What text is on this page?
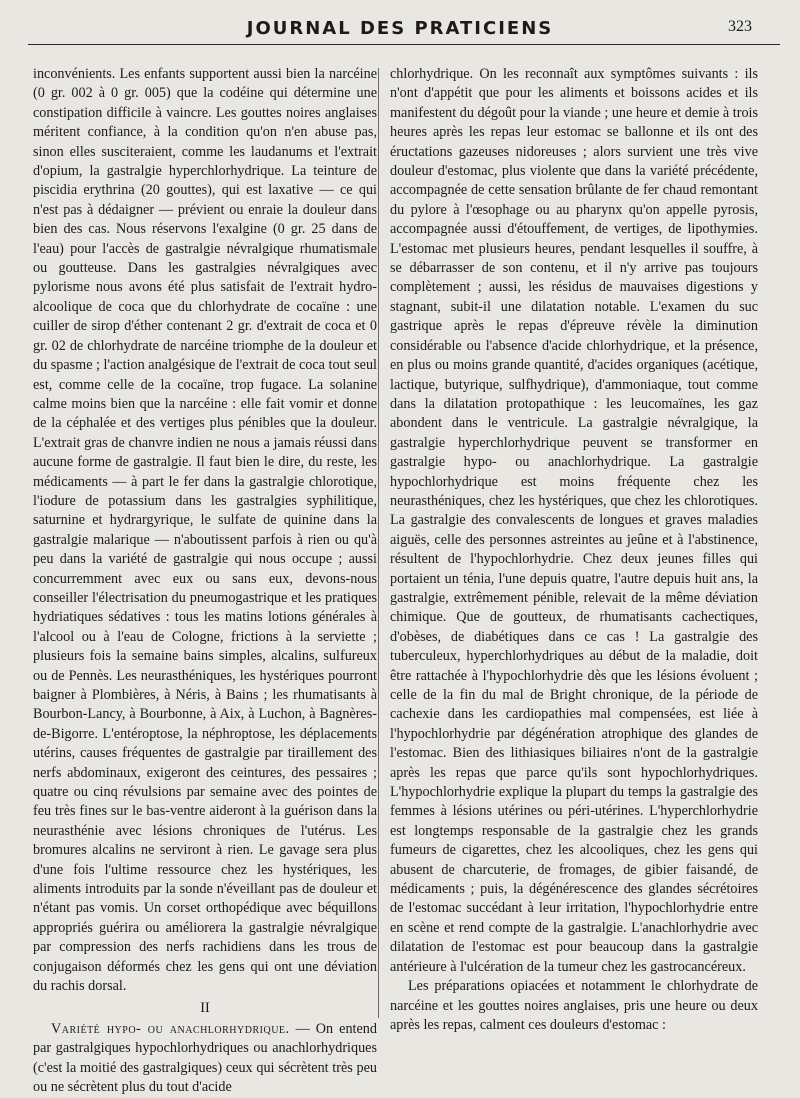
JOURNAL DES PRATICIENS	323

inconvénients. Les enfants supportent aussi bien la narcéine (0 gr. 002 à 0 gr. 005) que la codéine qui détermine une constipation difficile à vaincre. Les gouttes noires anglaises méritent confiance, à la condition qu'on n'en abuse pas, sinon elles susciteraient, comme les laudanums et l'extrait d'opium, la gastralgie hyperchlorhydrique. La teinture de piscidia erythrina (20 gouttes), qui est laxative — ce qui n'est pas à dédaigner — prévient ou enraie la douleur dans bien des cas. Nous réservons l'exalgine (0 gr. 25 dans de l'eau) pour l'accès de gastralgie névralgique rhumatismale ou goutteuse. Dans les gastralgies névralgiques avec pylorisme nous avons été plus satisfait de l'extrait hydro-alcoolique de coca que du chlorhydrate de cocaïne : une cuiller de sirop d'éther contenant 2 gr. d'extrait de coca et 0 gr. 02 de chlorhydrate de narcéine triomphe de la douleur et du spasme ; l'action analgésique de l'extrait de coca tout seul est, comme celle de la cocaïne, trop fugace. La solanine calme moins bien que la narcéine : elle fait vomir et donne de la céphalée et des vertiges plus pénibles que la douleur. L'extrait gras de chanvre indien ne nous a jamais réussi dans aucune forme de gastralgie. Il faut bien le dire, du reste, les médicaments — à part le fer dans la gastralgie chlorotique, l'iodure de potassium dans les gastralgies syphilitique, saturnine et hydrargyrique, le sulfate de quinine dans la gastralgie malarique — n'aboutissent parfois à rien ou qu'à peu dans la variété de gastralgie qui nous occupe ; aussi concurremment avec eux ou sans eux, devons-nous conseiller l'électrisation du pneumogastrique et les pratiques hydriatiques sédatives : tous les matins lotions générales à l'alcool ou à l'eau de Cologne, frictions à la serviette ; plusieurs fois la semaine bains simples, alcalins, sulfureux ou de Pennès. Les neurasthéniques, les hystériques pourront baigner à Plombières, à Néris, à Bains ; les rhumatisants à Bourbon-Lancy, à Bourbonne, à Aix, à Luchon, à Bagnères-de-Bigorre. L'entéroptose, la néphroptose, les déplacements utérins, causes fréquentes de gastralgie par tiraillement des nerfs abdominaux, exigeront des ceintures, des pessaires ; quatre ou cinq révulsions par semaine avec des pointes de feu très fines sur le bas-ventre aideront à la guérison dans la neurasthénie avec lésions chroniques de l'utérus. Les bromures alcalins ne serviront à rien. Le gavage sera plus d'une fois l'ultime ressource chez les hystériques, les aliments introduits par la sonde n'éveillant pas de douleur et n'étant pas vomis. Un corset orthopédique avec béquillons appropriés guérira ou améliorera la gastralgie névralgique par compression des nerfs rachidiens dans les trous de conjugaison déformés chez les gens qui ont une déviation du rachis dorsal.

II

Variété hypo- ou anachlorhydrique. — On entend par gastralgiques hypochlorhydriques ou anachlorhydriques (c'est la moitié des gastralgiques) ceux qui sécrètent très peu ou ne sécrètent plus du tout d'acide

chlorhydrique. On les reconnaît aux symptômes suivants : ils n'ont d'appétit que pour les aliments et boissons acides et ils manifestent du dégoût pour la viande ; une heure et demie à trois heures après les repas leur estomac se ballonne et ils ont des éructations gazeuses nidoreuses ; alors survient une très vive douleur d'estomac, plus violente que dans la variété précédente, accompagnée de cette sensation brûlante de fer chaud remontant du pylore à l'œsophage ou au pharynx qu'on appelle pyrosis, accompagnée aussi d'étouffement, de vertiges, de lipothymies. L'estomac met plusieurs heures, pendant lesquelles il souffre, à se débarrasser de son contenu, et il n'y arrive pas toujours complètement ; aussi, les résidus de mauvaises digestions y stagnant, subit-il une dilatation notable. L'examen du suc gastrique après le repas d'épreuve révèle la diminution considérable ou l'absence d'acide chlorhydrique, et la présence, en plus ou moins grande quantité, d'acides organiques (acétique, lactique, butyrique, sulfhydrique), d'ammoniaque, tout comme dans la dilatation protopathique : les leucomaïnes, les gaz abondent dans le ventricule. La gastralgie névralgique, la gastralgie hyperchlorhydrique peuvent se transformer en gastralgie hypo- ou anachlorhydrique. La gastralgie hypochlorhydrique est moins fréquente chez les neurasthéniques, chez les hystériques, que chez les chlorotiques. La gastralgie des convalescents de longues et graves maladies aiguës, celle des personnes astreintes au jeûne et à l'abstinence, résultent de l'hypochlorhydrie. Chez deux jeunes filles qui portaient un ténia, l'une depuis quatre, l'autre depuis huit ans, la gastralgie, extrêmement pénible, relevait de la même déviation chimique. Que de goutteux, de rhumatisants cachectiques, d'obèses, de diabétiques dans ce cas ! La gastralgie des tuberculeux, hyperchlorhydriques au début de la maladie, doit être rattachée à l'hypochlorhydrie dès que les lésions évoluent ; celle de la fin du mal de Bright chronique, de la période de cachexie dans les cardiopathies mal compensées, est liée à l'hypochlorhydrie par dégénération atrophique des glandes de l'estomac. Bien des lithiasiques biliaires n'ont de la gastralgie après les repas que parce qu'ils sont hypochlorhydriques. L'hypochlorhydrie explique la plupart du temps la gastralgie des femmes à lésions utérines ou péri-utérines. L'hyperchlorhydrie est longtemps responsable de la gastralgie chez les grands fumeurs de cigarettes, chez les alcooliques, chez les gens qui abusent de charcuterie, de fromages, de gibier faisandé, de médicaments ; puis, la dégénérescence des glandes sécrétoires de l'estomac succédant à leur irritation, l'hypochlorhydrie entre en scène et rend compte de la gastralgie. L'anachlorhydrie avec dilatation de l'estomac est pour beaucoup dans la gastralgie antérieure à l'ulcération de la tumeur chez les gastrocancéreux.

Les préparations opiacées et notamment le chlorhydrate de narcéine et les gouttes noires anglaises, pris une heure ou deux après les repas, calment ces douleurs d'estomac :
